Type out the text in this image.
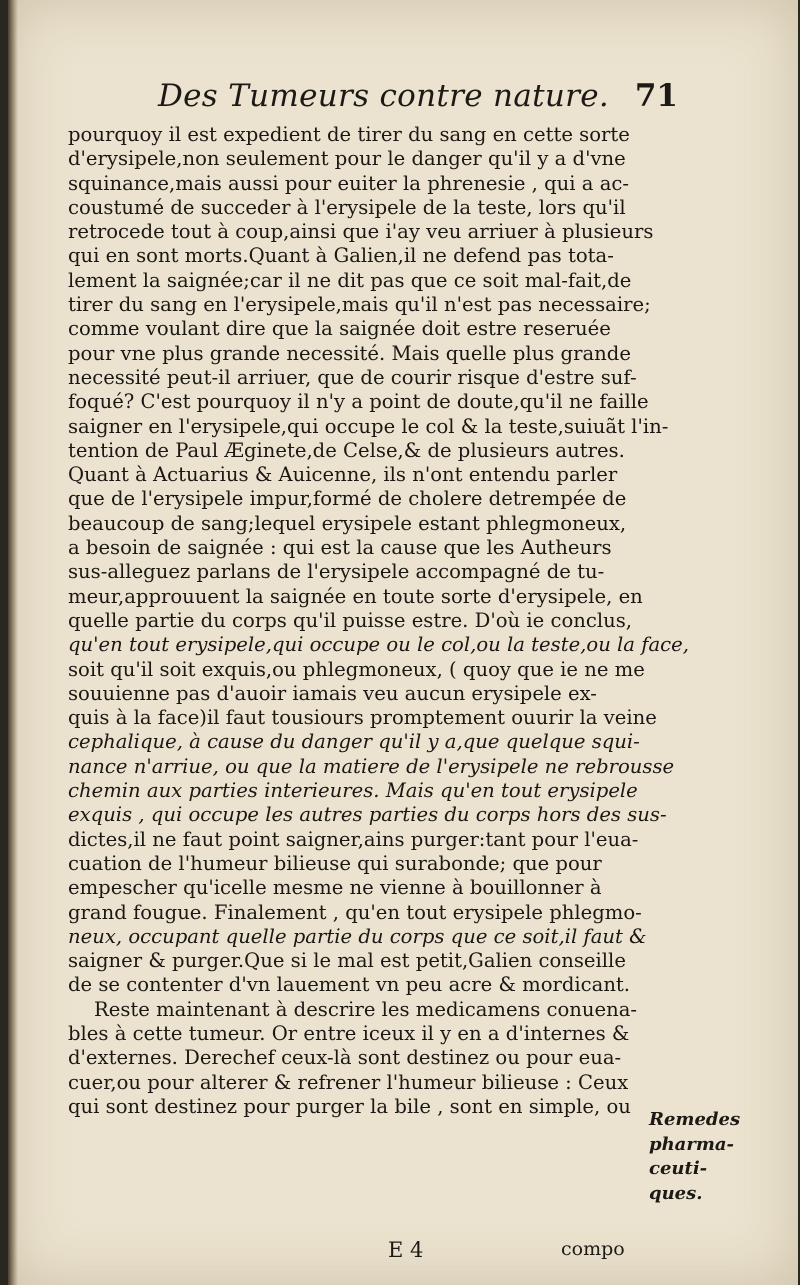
Des Tumeurs contre nature. 71
pourquoy il est expedient de tirer du sang en cette sorte
d'erysipele,non seulement pour le danger qu'il y a d'vne
squinance,mais aussi pour euiter la phrenesie , qui a ac-
coustumé de succeder à l'erysipele de la teste, lors qu'il
retrocede tout à coup,ainsi que i'ay veu arriuer à plusieurs
qui en sont morts.Quant à Galien,il ne defend pas tota-
lement la saignée;car il ne dit pas que ce soit mal-fait,de
tirer du sang en l'erysipele,mais qu'il n'est pas necessaire;
comme voulant dire que la saignée doit estre reseruée
pour vne plus grande necessité. Mais quelle plus grande
necessité peut-il arriuer, que de courir risque d'estre suf-
foqué? C'est pourquoy il n'y a point de doute,qu'il ne faille
saigner en l'erysipele,qui occupe le col & la teste,suiuãt l'in-
tention de Paul Æginete,de Celse,& de plusieurs autres.
Quant à Actuarius & Auicenne, ils n'ont entendu parler
que de l'erysipele impur,formé de cholere detrempée de
beaucoup de sang;lequel erysipele estant phlegmoneux,
a besoin de saignée : qui est la cause que les Autheurs
sus-alleguez parlans de l'erysipele accompagné de tu-
meur,approuuent la saignée en toute sorte d'erysipele, en
quelle partie du corps qu'il puisse estre. D'où ie conclus,
qu'en tout erysipele,qui occupe ou le col,ou la teste,ou la face,
soit qu'il soit exquis,ou phlegmoneux, ( quoy que ie ne me
souuienne pas d'auoir iamais veu aucun erysipele ex-
quis à la face)il faut tousiours promptement ouurir la veine
cephalique, à cause du danger qu'il y a,que quelque squi-
nance n'arriue, ou que la matiere de l'erysipele ne rebrousse
chemin aux parties interieures. Mais qu'en tout erysipele
exquis , qui occupe les autres parties du corps hors des sus-
dictes,il ne faut point saigner,ains purger:tant pour l'eua-
cuation de l'humeur bilieuse qui surabonde; que pour
empescher qu'icelle mesme ne vienne à bouillonner à
grand fougue. Finalement , qu'en tout erysipele phlegmo-
neux, occupant quelle partie du corps que ce soit,il faut &
saigner & purger.Que si le mal est petit,Galien conseille
de se contenter d'vn lauement vn peu acre & mordicant.
Reste maintenant à descrire les medicamens conuena-
bles à cette tumeur. Or entre iceux il y en a d'internes &
d'externes. Derechef ceux-là sont destinez ou pour eua-
cuer,ou pour alterer & refrener l'humeur bilieuse : Ceux
qui sont destinez pour purger la bile , sont en simple, ou
Remedes
pharma-
ceuti-
ques.
E 4	compo
